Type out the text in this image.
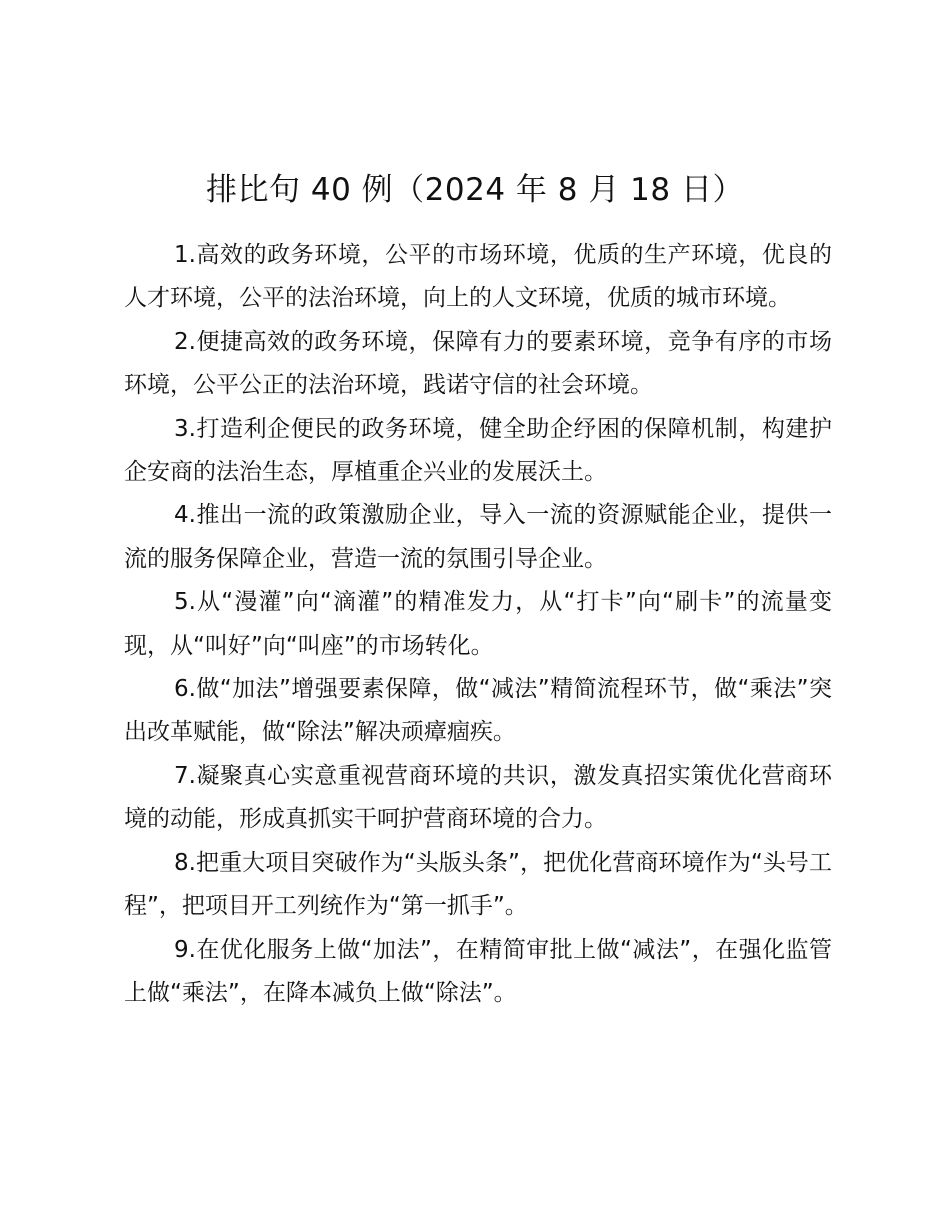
排比句 40 例（2024 年 8 月 18 日）

1.高效的政务环境，公平的市场环境，优质的生产环境，优良的人才环境，公平的法治环境，向上的人文环境，优质的城市环境。

2.便捷高效的政务环境，保障有力的要素环境，竞争有序的市场环境，公平公正的法治环境，践诺守信的社会环境。

3.打造利企便民的政务环境，健全助企纾困的保障机制，构建护企安商的法治生态，厚植重企兴业的发展沃土。

4.推出一流的政策激励企业，导入一流的资源赋能企业，提供一流的服务保障企业，营造一流的氛围引导企业。

5.从“漫灌”向“滴灌”的精准发力，从“打卡”向“刷卡”的流量变现，从“叫好”向“叫座”的市场转化。

6.做“加法”增强要素保障，做“减法”精简流程环节，做“乘法”突出改革赋能，做“除法”解决顽瘴痼疾。

7.凝聚真心实意重视营商环境的共识，激发真招实策优化营商环境的动能，形成真抓实干呵护营商环境的合力。

8.把重大项目突破作为“头版头条”，把优化营商环境作为“头号工程”，把项目开工列统作为“第一抓手”。

9.在优化服务上做“加法”，在精简审批上做“减法”，在强化监管上做“乘法”，在降本减负上做“除法”。
